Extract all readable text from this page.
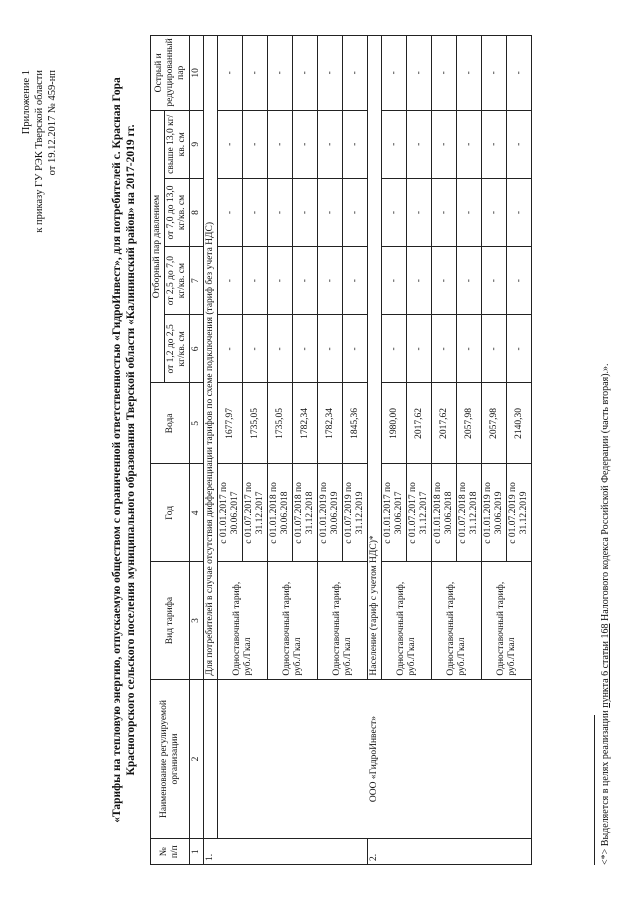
Приложение 1 к приказу ГУ РЭК Тверской области от 19.12.2017 № 459-нп	«Тарифы на тепловую энергию, отпускаемую обществом с ограниченной ответственностью «ГидроИнвест», для потребителей с. Красная Гора Красногорского сельского поселения муниципального образования Тверской области «Калининский район» на 2017-2019 гг.
№ п/п	Наименование регулируемой организации	Вид тарифа	Год	Вода	Отборный пар давлением				Острый и редуцированный пар
					от 1,2 до 2,5 кг/кв. см	от 2,5 до 7,0 кг/кв. см	от 7,0 до 13,0 кг/кв. см	свыше 13,0 кг/кв. см	
1	2	3	4	5	6	7	8	9	10
1.		Для потребителей в случае отсутствия дифференциации тарифов по схеме подключения (тариф без учета НДС)							
	ООО «ГидроИнвест»	Одноставочный тариф, руб./Гкал	с 01.01.2017 по 30.06.2017	1677,97	-	-	-	-	-
			с 01.07.2017 по 31.12.2017	1735,05	-	-	-	-	-
		Одноставочный тариф, руб./Гкал	с 01.01.2018 по 30.06.2018	1735,05	-	-	-	-	-
			с 01.07.2018 по 31.12.2018	1782,34	-	-	-	-	-
		Одноставочный тариф, руб./Гкал	с 01.01.2019 по 30.06.2019	1782,34	-	-	-	-	-
			с 01.07.2019 по 31.12.2019	1845,36	-	-	-	-	-
2.		Население (тариф с учетом НДС)*							
		Одноставочный тариф, руб./Гкал	с 01.01.2017 по 30.06.2017	1980,00	-	-	-	-	-
			с 01.07.2017 по 31.12.2017	2017,62	-	-	-	-	-
		Одноставочный тариф, руб./Гкал	с 01.01.2018 по 30.06.2018	2017,62	-	-	-	-	-
			с 01.07.2018 по 31.12.2018	2057,98	-	-	-	-	-
		Одноставочный тариф, руб./Гкал	с 01.01.2019 по 30.06.2019	2057,98	-	-	-	-	-
			с 01.07.2019 по 31.12.2019	2140,30	-	-	-	-	-
<*> Выделяется в целях реализации пункта 6 статьи 168 Налогового кодекса Российской Федерации (часть вторая).».
